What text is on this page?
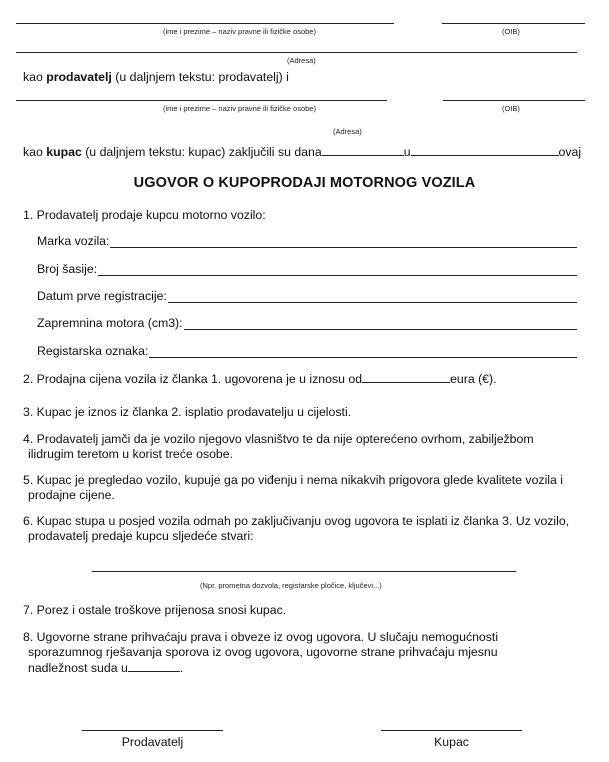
(ime i prezime – naziv pravne ili fizičke osobe)	(OIB)
(Adresa)
kao prodavatelj (u daljnjem tekstu: prodavatelj) i
(ime i prezime – naziv pravne ili fizičke osobe)	(OIB)
(Adresa)
kao kupac (u daljnjem tekstu: kupac) zaključili su dana	u	ovaj
UGOVOR O KUPOPRODAJI MOTORNOG VOZILA
1. Prodavatelj prodaje kupcu motorno vozilo:
Marka vozila:
Broj šasije:
Datum prve registracije:
Zapremnina motora (cm3):
Registarska oznaka:
2. Prodajna cijena vozila iz članka 1. ugovorena je u iznosu od	eura (€).
3. Kupac je iznos iz članka 2. isplatio prodavatelju u cijelosti.
4. Prodavatelj jamči da je vozilo njegovo vlasništvo te da nije opterećeno ovrhom, zabilježbom
ilidrugim teretom u korist treće osobe.
5. Kupac je pregledao vozilo, kupuje ga po viđenju i nema nikakvih prigovora glede kvalitete vozila i
prodajne cijene.
6. Kupac stupa u posjed vozila odmah po zaključivanju ovog ugovora te isplati iz članka 3. Uz vozilo,
prodavatelj predaje kupcu sljedeće stvari:
(Npr. prometna dozvola, registarske pločice, ključevi...)
7. Porez i ostale troškove prijenosa snosi kupac.
8. Ugovorne strane prihvaćaju prava i obveze iz ovog ugovora. U slučaju nemogućnosti
sporazumnog rješavanja sporova iz ovog ugovora, ugovorne strane prihvaćaju mjesnu
nadležnost suda u	.
Prodavatelj	Kupac
